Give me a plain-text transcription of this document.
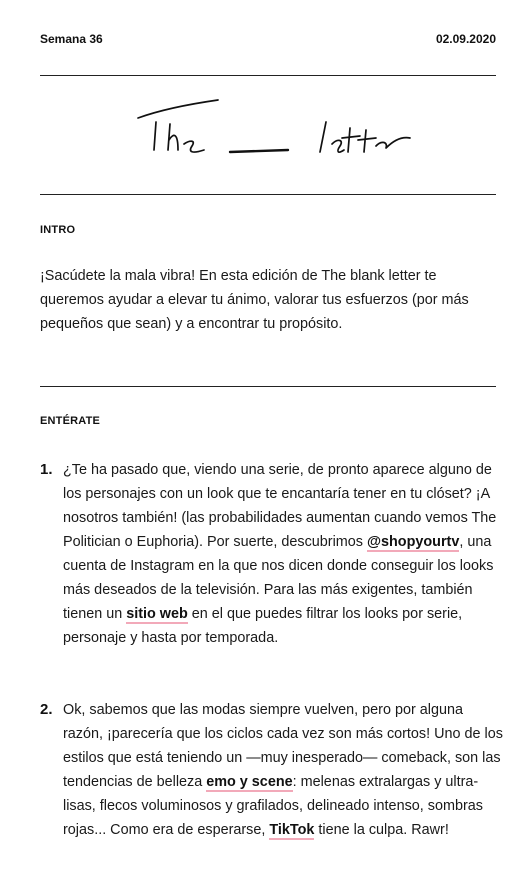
Semana 36	02.09.2020
INTRO
¡Sacúdete la mala vibra! En esta edición de The blank letter te queremos ayudar a elevar tu ánimo, valorar tus esfuerzos (por más pequeños que sean) y a encontrar tu propósito.
ENTÉRATE
1. ¿Te ha pasado que, viendo una serie, de pronto aparece alguno de los personajes con un look que te encantaría tener en tu clóset? ¡A nosotros también! (las probabilidades aumentan cuando vemos The Politician o Euphoria). Por suerte, descubrimos @shopyourtv, una cuenta de Instagram en la que nos dicen donde conseguir los looks más deseados de la televisión. Para las más exigentes, también tienen un sitio web en el que puedes filtrar los looks por serie, personaje y hasta por temporada.
2. Ok, sabemos que las modas siempre vuelven, pero por alguna razón, ¡parecería que los ciclos cada vez son más cortos! Uno de los estilos que está teniendo un —muy inesperado— comeback, son las tendencias de belleza emo y scene: melenas extralargas y ultra-lisas, flecos voluminosos y grafilados, delineado intenso, sombras rojas... Como era de esperarse, TikTok tiene la culpa. Rawr!
